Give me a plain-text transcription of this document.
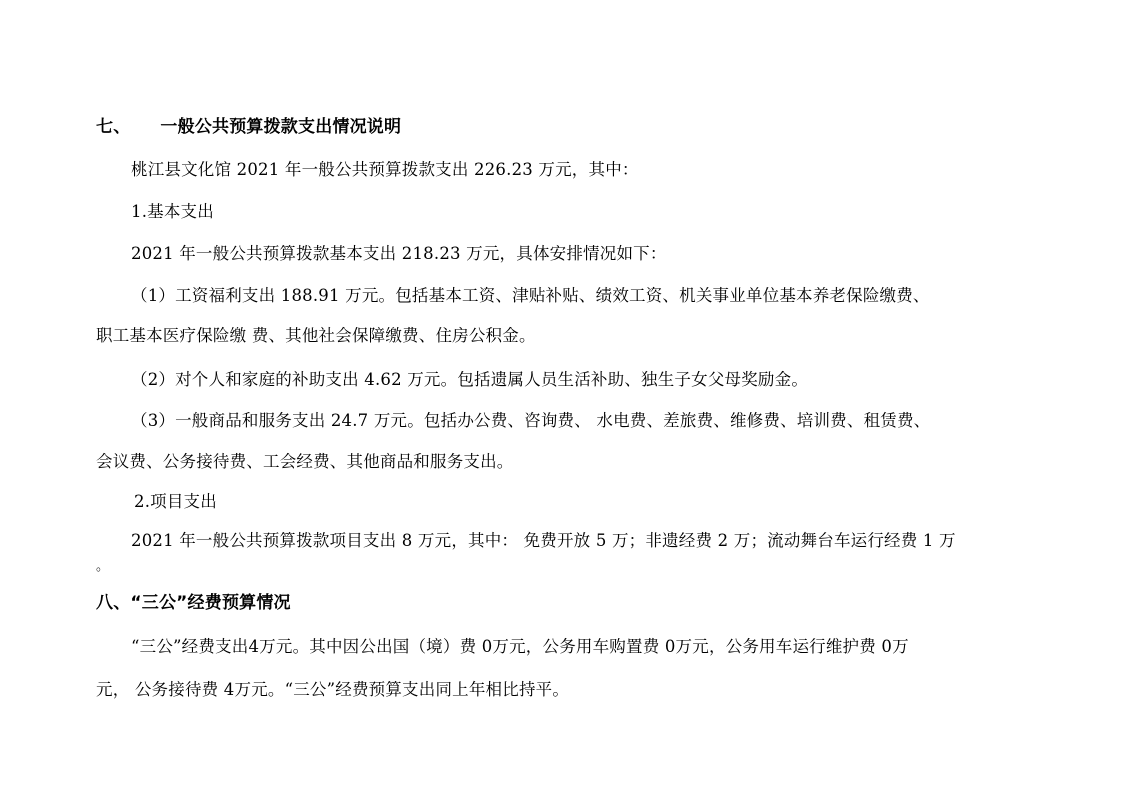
七、 一般公共预算拨款支出情况说明
桃江县文化馆 2021 年一般公共预算拨款支出 226.23 万元，其中：
1.基本支出
2021 年一般公共预算拨款基本支出 218.23 万元，具体安排情况如下：
（1）工资福利支出 188.91 万元。包括基本工资、津贴补贴、绩效工资、机关事业单位基本养老保险缴费、
职工基本医疗保险缴 费、其他社会保障缴费、住房公积金。
（2）对个人和家庭的补助支出 4.62 万元。包括遗属人员生活补助、独生子女父母奖励金。
（3）一般商品和服务支出 24.7 万元。包括办公费、咨询费、 水电费、差旅费、维修费、培训费、租赁费、
会议费、公务接待费、工会经费、其他商品和服务支出。
2.项目支出
2021 年一般公共预算拨款项目支出 8 万元，其中： 免费开放 5 万；非遗经费 2 万；流动舞台车运行经费 1 万
。
八、“三公”经费预算情况
“三公”经费支出4万元。其中因公出国（境）费 0万元，公务用车购置费 0万元，公务用车运行维护费 0万
元， 公务接待费 4万元。“三公”经费预算支出同上年相比持平。
